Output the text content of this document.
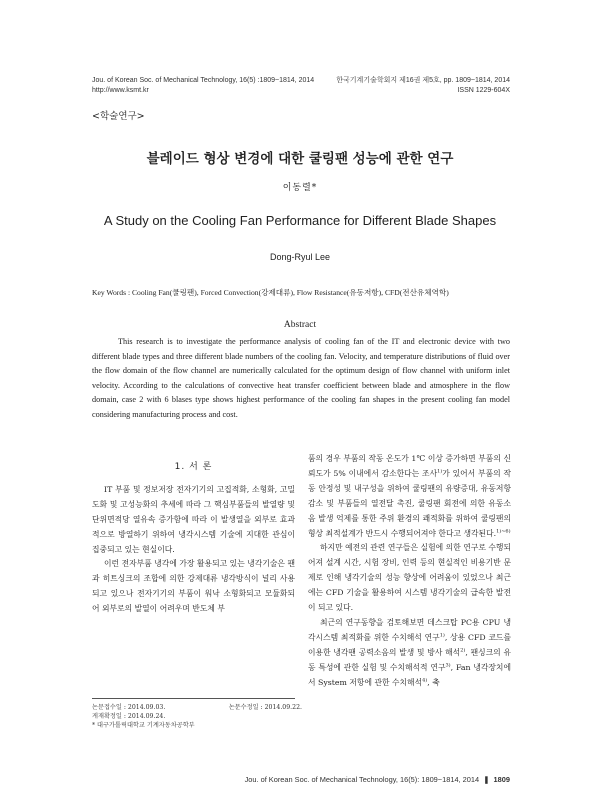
Jou. of Korean Soc. of Mechanical Technology, 16(5) :1809~1814, 2014
http://www.ksmt.kr
한국기계기술학회지 제16권 제5호, pp. 1809~1814, 2014
ISSN 1229-604X
<학술연구>
블레이드 형상 변경에 대한 쿨링팬 성능에 관한 연구
이동렬*
A Study on the Cooling Fan Performance for Different Blade Shapes
Dong-Ryul Lee
Key Words : Cooling Fan(쿨링팬), Forced Convection(강제대류), Flow Resistance(유동저항), CFD(전산유체역학)
Abstract
This research is to investigate the performance analysis of cooling fan of the IT and electronic device with two different blade types and three different blade numbers of the cooling fan. Velocity, and temperature distributions of fluid over the flow domain of the flow channel are numerically calculated for the optimum design of flow channel with uniform inlet velocity. According to the calculations of convective heat transfer coefficient between blade and atmosphere in the flow domain, case 2 with 6 blases type shows highest performance of the cooling fan shapes in the present cooling fan model considering manufacturing process and cost.
1. 서 론

IT 부품 및 정보저장 전자기기의 고집적화, 소형화, 고밀도화 및 고성능화의 추세에 따라 그 핵심부품들의 발열량 및 단위면적당 열유속 증가함에 따라 이 발생열을 외부로 효과적으로 방열하기 위하여 냉각시스템 기술에 지대한 관심이 집중되고 있는 현실이다.

이런 전자부품 냉각에 가장 활용되고 있는 냉각기술은 팬과 히트싱크의 조합에 의한 강제대류 냉각방식이 널리 사용되고 있으나 전자기기의 부품이 워낙 소형화되고 모듈화되어 외부로의 발열이 어려우며 반도체 부

품의 경우 부품의 작동 온도가 1℃ 이상 증가하면 부품의 신뢰도가 5% 이내에서 감소한다는 조사$^{1)}$가 있어서 부품의 작동 안정성 및 내구성을 위하여 쿨링팬의 유량증대, 유동저항 감소 및 부품들의 열전달 촉진, 쿨링팬 회전에 의한 유동소음 발생 억제를 통한 주위 환경의 쾌적화를 위하여 쿨링팬의 형상 최적설계가 반드시 수행되어져야 한다고 생각된다.$^{1)\sim 6)}$

하지만 예전의 관련 연구들은 실험에 의한 연구로 수행되어져 설계 시간, 시험 장비, 인력 등의 현실적인 비용기반 문제로 인해 냉각기술의 성능 향상에 어려움이 있었으나 최근에는 CFD 기술을 활용하여 시스템 냉각기술의 급속한 발전이 되고 있다.

최근의 연구동향을 검토해보면 데스크탑 PC용 CPU 냉각시스템 최적화를 위한 수치해석 연구$^{1)}$, 상용 CFD 코드를 이용한 냉각팬 공력소음의 발생 및 방사 해석$^{2)}$, 팬싱크의 유동 특성에 관한 실험 및 수치해석적 연구$^{3)}$, Fan 냉각장치에서 System 저항에 관한 수치해석$^{4)}$, 축

논문접수일 : 2014.09.03.	논문수정일 : 2014.09.22.
게재확정일 : 2014.09.24.
* 대구가톨릭대학교 기계자동차공학부
Jou. of Korean Soc. of Mechanical Technology, 16(5): 1809~1814, 2014  ❚  1809
